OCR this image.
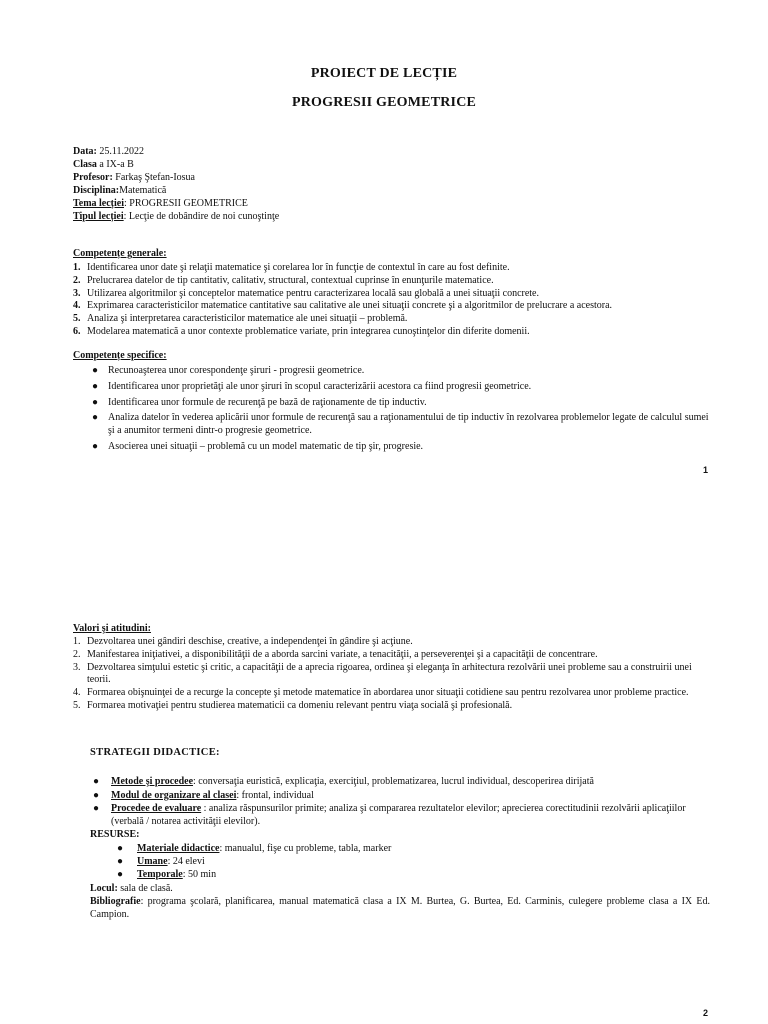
PROIECT DE LECȚIE
PROGRESII GEOMETRICE
Data: 25.11.2022
Clasa a IX-a B
Profesor: Farkaş Ştefan-Iosua
Disciplina:Matematică
Tema lecției: PROGRESII GEOMETRICE
Tipul lecției: Lecţie de dobândire de noi cunoştinţe
Competențe generale:
1. Identificarea unor date şi relaţii matematice şi corelarea lor în funcţie de contextul în care au fost definite.
2. Prelucrarea datelor de tip cantitativ, calitativ, structural, contextual cuprinse în enunţurile matematice.
3. Utilizarea algoritmilor şi conceptelor matematice pentru caracterizarea locală sau globală a unei situaţii concrete.
4. Exprimarea caracteristicilor matematice cantitative sau calitative ale unei situaţii concrete şi a algoritmilor de prelucrare a acestora.
5. Analiza şi interpretarea caracteristicilor matematice ale unei situaţii – problemă.
6. Modelarea matematică a unor contexte problematice variate, prin integrarea cunoştinţelor din diferite domenii.
Competențe specifice:
● Recunoaşterea unor corespondenţe şiruri - progresii geometrice.
● Identificarea unor proprietăţi ale unor şiruri în scopul caracterizării acestora ca fiind progresii geometrice.
● Identificarea unor formule de recurenţă pe bază de raţionamente de tip inductiv.
● Analiza datelor în vederea aplicării unor formule de recurenţă sau a raţionamentului de tip inductiv în rezolvarea problemelor legate de calculul sumei şi a anumitor termeni dintr-o progresie geometrice.
● Asocierea unei situaţii – problemă cu un model matematic de tip şir, progresie.
1
Valori şi atitudini:
1. Dezvoltarea unei gândiri deschise, creative, a independenţei în gândire şi acţiune.
2. Manifestarea iniţiativei, a disponibilităţii de a aborda sarcini variate, a tenacităţii, a perseverenţei şi a capacităţii de concentrare.
3. Dezvoltarea simţului estetic şi critic, a capacităţii de a aprecia rigoarea, ordinea şi eleganţa în arhitectura rezolvării unei probleme sau a construirii unei teorii.
4. Formarea obişnuinţei de a recurge la concepte şi metode matematice în abordarea unor situaţii cotidiene sau pentru rezolvarea unor probleme practice.
5. Formarea motivaţiei pentru studierea matematicii ca domeniu relevant pentru viaţa socială şi profesională.
STRATEGII DIDACTICE:
● Metode şi procedee: conversaţia euristică, explicaţia, exerciţiul, problematizarea, lucrul individual, descoperirea dirijată
● Modul de organizare al clasei: frontal, individual
● Procedee de evaluare : analiza răspunsurilor primite; analiza şi compararea rezultatelor elevilor; aprecierea corectitudinii rezolvării aplicaţiilor (verbală / notarea activităţii elevilor).
RESURSE:
● Materiale didactice: manualul, fişe cu probleme, tabla, marker
● Umane: 24 elevi
● Temporale: 50 min
Locul: sala de clasă.
Bibliografie: programa şcolară, planificarea, manual matematică clasa a IX M. Burtea, G. Burtea, Ed. Carminis, culegere probleme clasa a IX Ed. Campion.
2
